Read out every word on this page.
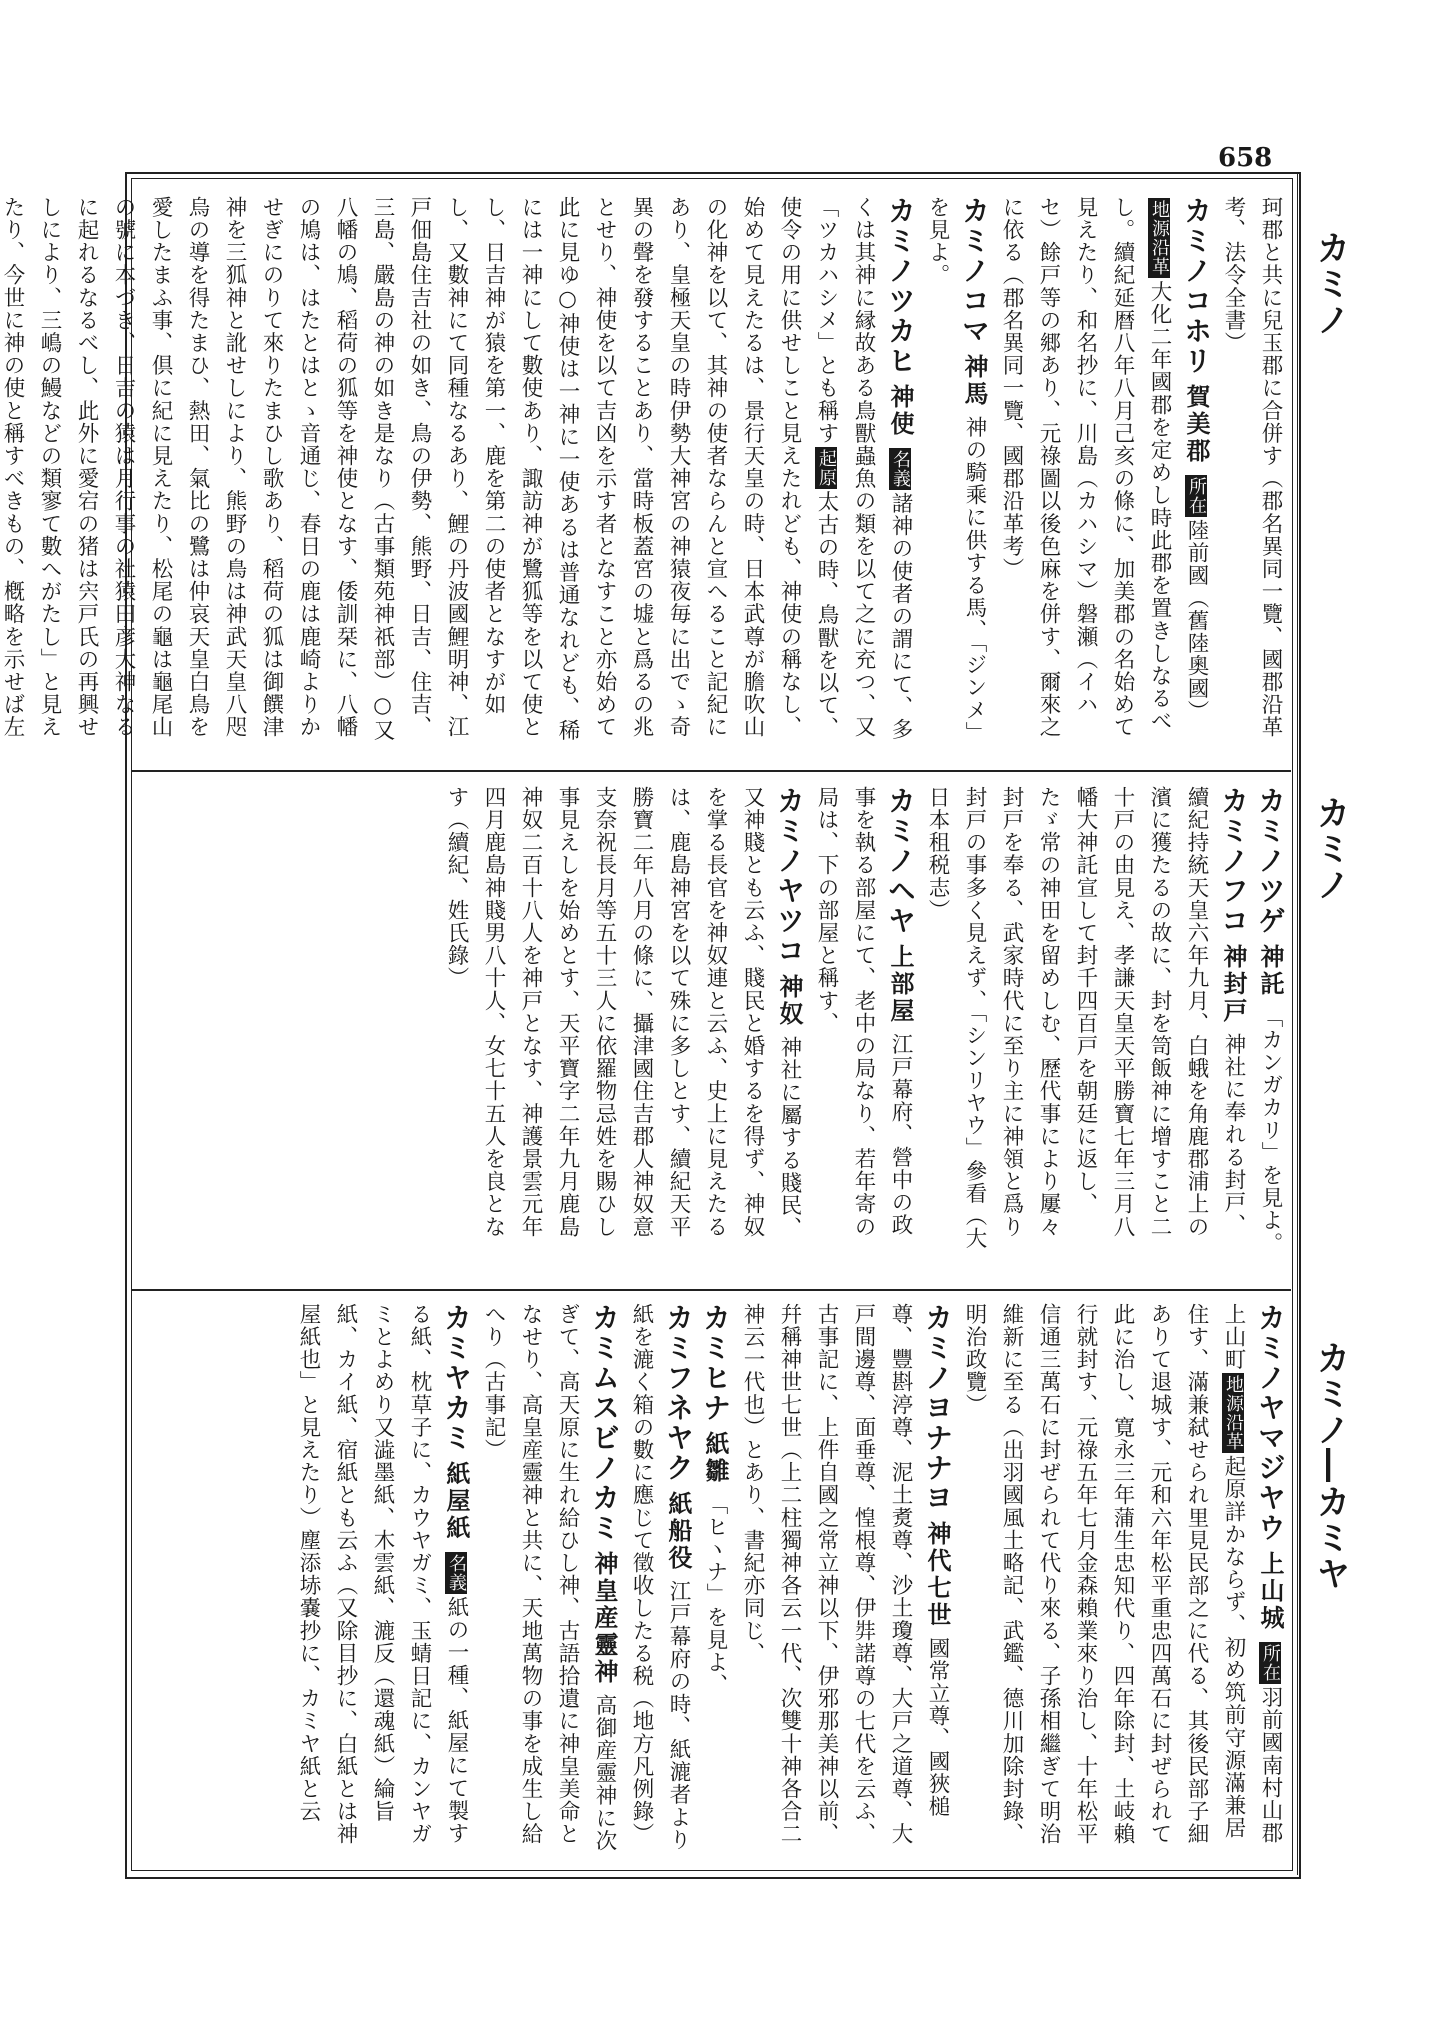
658
カミノ
カミノ
カミノ―カミヤ

珂郡と共に兒玉郡に合併す（郡名異同一覽、國郡沿革考、法令全書）

カミノコホリ 賀美郡 所在陸前國（舊陸奧國）地源沿革大化二年國郡を定めし時此郡を置きしなるべし。續紀延暦八年八月己亥の條に、加美郡の名始めて見えたり、和名抄に、川島（カハシマ）磐瀬（イハセ）餘戸等の郷あり、元祿圖以後色麻を併す、爾來之に依る（郡名異同一覽、國郡沿革考）

カミノコマ 神馬 神の騎乘に供する馬、「ジンメ」を見よ。

カミノツカヒ 神使 名義諸神の使者の謂にて、多くは其神に縁故ある鳥獸蟲魚の類を以て之に充つ、又「ツカハシメ」とも稱す起原太古の時、鳥獸を以て、使令の用に供せしこと見えたれども、神使の稱なし、始めて見えたるは、景行天皇の時、日本武尊が膽吹山の化神を以て、其神の使者ならんと宣へること記紀にあり、皇極天皇の時伊勢大神宮の神猿夜毎に出でゝ奇異の聲を發することあり、當時板蓋宮の墟と爲るの兆とせり、神使を以て吉凶を示す者となすこと亦始めて此に見ゆ○神使は一神に一使あるは普通なれども、稀には一神にして數使あり、諏訪神が鷺狐等を以て使とし、日吉神が猿を第一、鹿を第二の使者となすが如し、又數神にて同種なるあり、鯉の丹波國鯉明神、江戸佃島住吉社の如き、鳥の伊勢、熊野、日吉、住吉、三島、嚴島の神の如き是なり（古事類苑神祇部）○又八幡の鳩、稻荷の狐等を神使となす、倭訓栞に、八幡の鳩は、はたとはとゝ音通じ、春日の鹿は鹿崎よりかせぎにのりて來りたまひし歌あり、稻荷の狐は御饌津神を三狐神と訛せしにより、熊野の鳥は神武天皇八咫烏の導を得たまひ、熱田、氣比の鷺は仲哀天皇白鳥を愛したまふ事、倶に紀に見えたり、松尾の龜は龜尾山の號に本づき、日吉の猿は月行事の社猿田彦大神なるに起れるなるべし、此外に愛宕の猪は宍戸氏の再興せしにより、三嶋の鰻などの類寥て數へがたし」と見えたり、今世に神の使と稱すべきもの、槪略を示せば左

カミノツゲ 神託 「カンガカリ」を見よ。

カミノフコ 神封戸 神社に奉れる封戸、續紀持統天皇六年九月、白蛾を角鹿郡浦上の濱に獲たるの故に、封を笥飯神に增すこと二十戸の由見え、孝謙天皇天平勝寶七年三月八幡大神託宣して封千四百戸を朝廷に返し、たゞ常の神田を留めしむ、歷代事により屢々封戸を奉る、武家時代に至り主に神領と爲り封戸の事多く見えず、「シンリヤウ」參看（大日本租税志）

カミノヘヤ 上部屋 江戸幕府、營中の政事を執る部屋にて、老中の局なり、若年寄の局は、下の部屋と稱す、

カミノヤツコ 神奴 神社に屬する賤民、又神賤とも云ふ、賤民と婚するを得ず、神奴を掌る長官を神奴連と云ふ、史上に見えたるは、鹿島神宮を以て殊に多しとす、續紀天平勝寶二年八月の條に、攝津國住吉郡人神奴意支奈祝長月等五十三人に依羅物忌姓を賜ひし事見えしを始めとす、天平寶字二年九月鹿島神奴二百十八人を神戸となす、神護景雲元年四月鹿島神賤男八十人、女七十五人を良となす（續紀、姓氏錄）

カミノヤマジヤウ 上山城 所在羽前國南村山郡上山町地源沿革起原詳かならず、初め筑前守源滿兼居住す、滿兼弑せられ里見民部之に代る、其後民部子細ありて退城す、元和六年松平重忠四萬石に封ぜられて此に治し、寛永三年蒲生忠知代り、四年除封、土岐賴行就封す、元祿五年七月金森賴業來り治し、十年松平信通三萬石に封ぜられて代り來る、子孫相繼ぎて明治維新に至る（出羽國風土略記、武鑑、德川加除封錄、明治政覽）

カミノヨナナヨ 神代七世 國常立尊、國狹槌尊、豐斟渟尊、泥土煑尊、沙土瓊尊、大戸之道尊、大戸間邊尊、面垂尊、惶根尊、伊弉諾尊の七代を云ふ、古事記に、上件自國之常立神以下、伊邪那美神以前、幷稱神世七世（上二柱獨神各云一代、次雙十神各合二神云一代也）とあり、書紀亦同じ、

カミヒナ 紙雛 「ヒヽナ」を見よ、

カミフネヤク 紙船役 江戸幕府の時、紙漉者より紙を漉く箱の數に應じて徵收したる税（地方凡例錄）

カミムスビノカミ 神皇産靈神 高御産靈神に次ぎて、高天原に生れ給ひし神、古語拾遺に神皇美命となせり、高皇産靈神と共に、天地萬物の事を成生し給へり（古事記）

カミヤカミ 紙屋紙 名義紙の一種、紙屋にて製する紙、枕草子に、カウヤガミ、玉蜻日記に、カンヤガミとよめり又澁墨紙、木雲紙、漉反（還魂紙）綸旨紙、カイ紙、宿紙とも云ふ（又除目抄に、白紙とは神屋紙也」と見えたり）塵添𡋽嚢抄に、カミヤ紙と云
